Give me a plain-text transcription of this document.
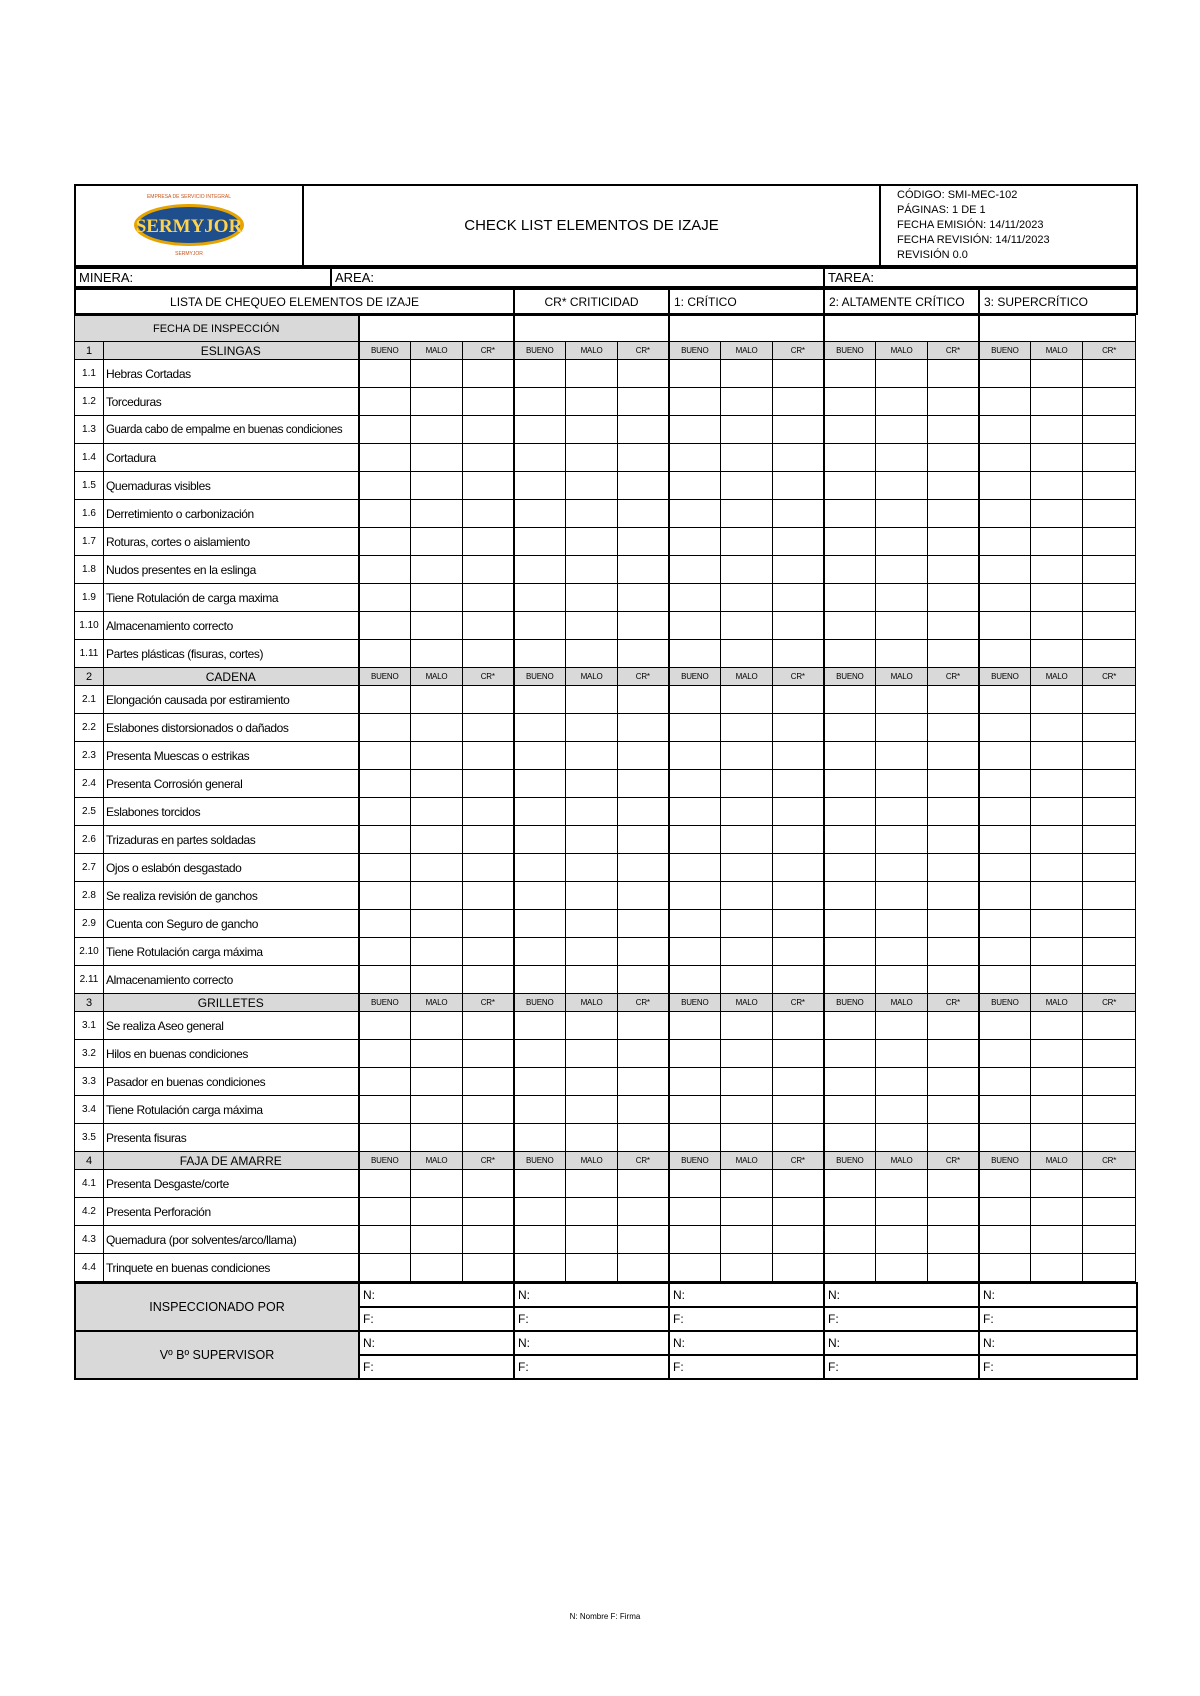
EMPRESA DE SERVICIO INTEGRAL
SERMYJOR
SERMYJOR
	CHECK LIST ELEMENTOS DE IZAJE	
CÓDIGO: SMI-MEC-102
PÁGINAS: 1 DE 1
FECHA EMISIÓN: 14/11/2023
FECHA REVISIÓN: 14/11/2023
REVISIÓN 0.0
MINERA:	AREA:	TAREA:
LISTA DE CHEQUEO ELEMENTOS DE IZAJE	CR* CRITICIDAD	1: CRÍTICO	2: ALTAMENTE CRÍTICO	3: SUPERCRÍTICO
FECHA DE INSPECCIÓN																
1	ESLINGAS	BUENO	MALO	CR*	BUENO	MALO	CR*	BUENO	MALO	CR*	BUENO	MALO	CR*	BUENO	MALO	CR*
1.1	Hebras Cortadas															
1.2	Torceduras															
1.3	Guarda cabo de empalme en buenas condiciones															
1.4	Cortadura															
1.5	Quemaduras visibles															
1.6	Derretimiento o carbonización															
1.7	Roturas, cortes o aislamiento															
1.8	Nudos presentes en la eslinga															
1.9	Tiene Rotulación de carga maxima															
1.10	Almacenamiento correcto															
1.11	Partes plásticas (fisuras, cortes)															
2	CADENA	BUENO	MALO	CR*	BUENO	MALO	CR*	BUENO	MALO	CR*	BUENO	MALO	CR*	BUENO	MALO	CR*
2.1	Elongación causada por estiramiento															
2.2	Eslabones distorsionados o dañados															
2.3	Presenta Muescas o estrikas															
2.4	Presenta Corrosión general															
2.5	Eslabones torcidos															
2.6	Trizaduras en partes soldadas															
2.7	Ojos o eslabón desgastado															
2.8	Se realiza revisión de ganchos															
2.9	Cuenta con Seguro de gancho															
2.10	Tiene Rotulación carga máxima															
2.11	Almacenamiento correcto															
3	GRILLETES	BUENO	MALO	CR*	BUENO	MALO	CR*	BUENO	MALO	CR*	BUENO	MALO	CR*	BUENO	MALO	CR*
3.1	Se realiza Aseo general															
3.2	Hilos en buenas condiciones															
3.3	Pasador en buenas condiciones															
3.4	Tiene Rotulación carga máxima															
3.5	Presenta fisuras															
4	FAJA DE AMARRE	BUENO	MALO	CR*	BUENO	MALO	CR*	BUENO	MALO	CR*	BUENO	MALO	CR*	BUENO	MALO	CR*
4.1	Presenta Desgaste/corte															
4.2	Presenta Perforación															
4.3	Quemadura (por solventes/arco/llama)															
4.4	Trinquete en buenas condiciones															
INSPECCIONADO POR	N:	N:	N:	N:	N:
	F:	F:	F:	F:	F:
Vº Bº SUPERVISOR	N:	N:	N:	N:	N:
	F:	F:	F:	F:	F:
N: Nombre F: Firma
